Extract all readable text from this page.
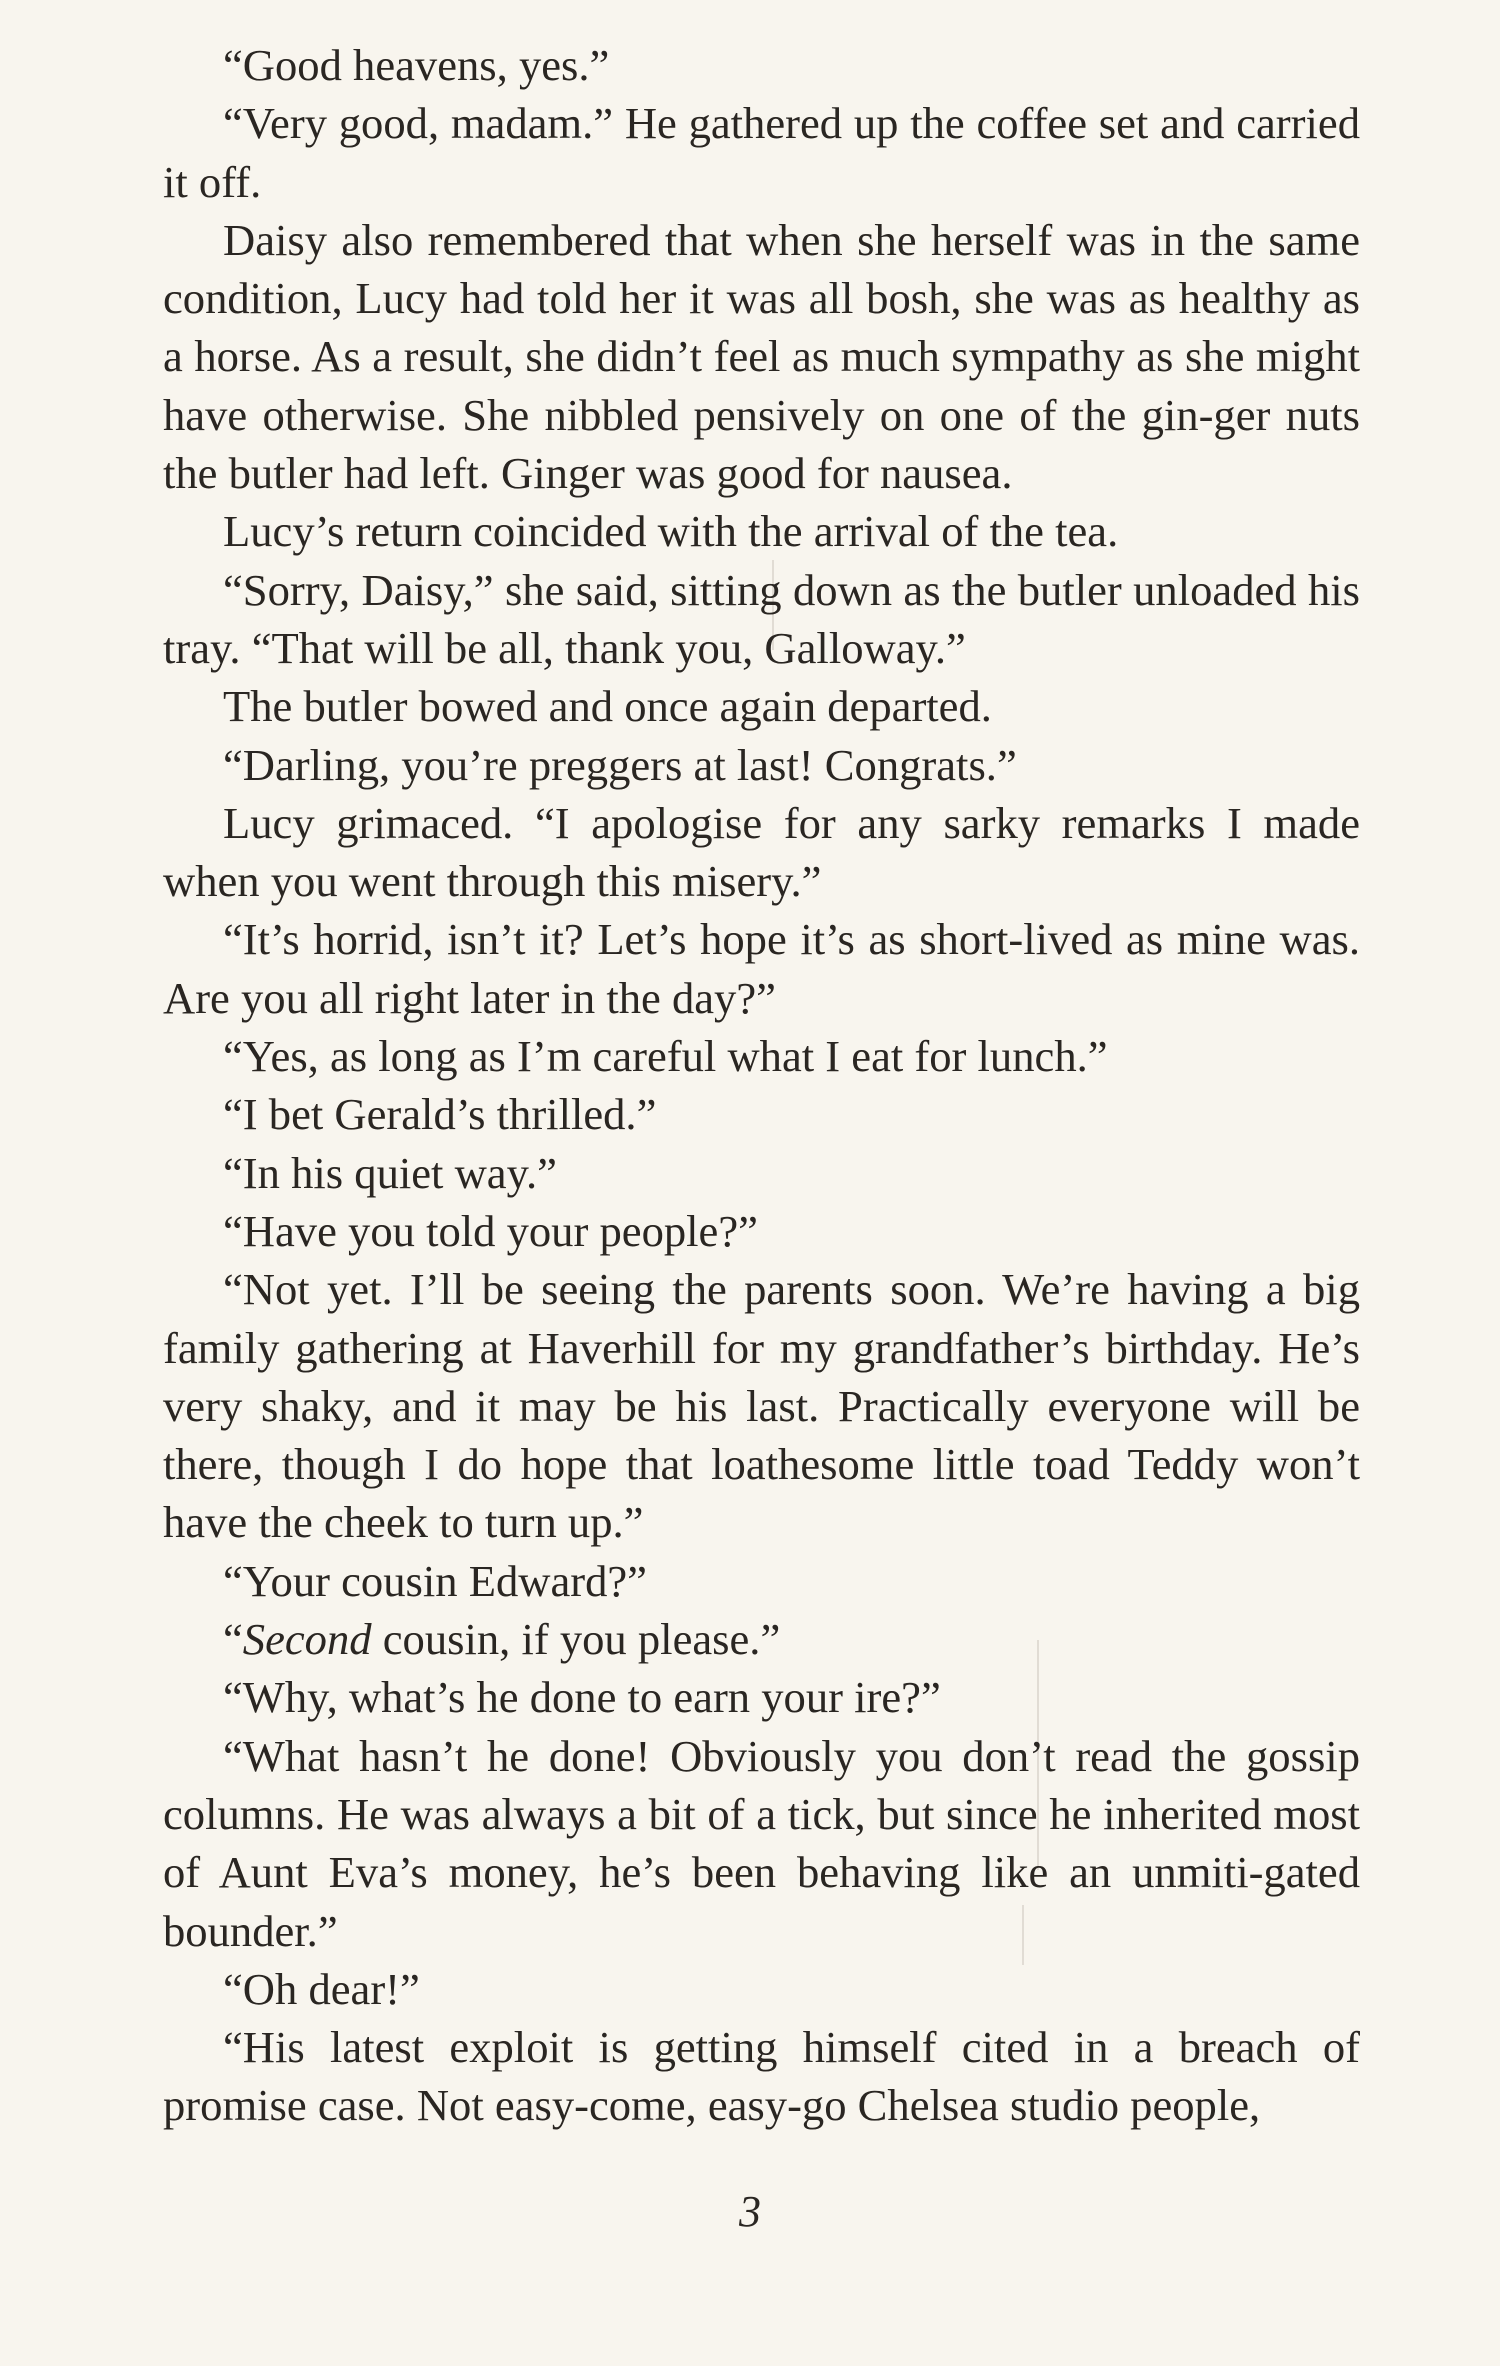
“Good heavens, yes.”

“Very good, madam.” He gathered up the coffee set and carried it off.

Daisy also remembered that when she herself was in the same condition, Lucy had told her it was all bosh, she was as healthy as a horse. As a result, she didn’t feel as much sympathy as she might have otherwise. She nibbled pensively on one of the gin-ger nuts the butler had left. Ginger was good for nausea.

Lucy’s return coincided with the arrival of the tea.

“Sorry, Daisy,” she said, sitting down as the butler unloaded his tray. “That will be all, thank you, Galloway.”

The butler bowed and once again departed.

“Darling, you’re preggers at last! Congrats.”

Lucy grimaced. “I apologise for any sarky remarks I made when you went through this misery.”

“It’s horrid, isn’t it? Let’s hope it’s as short-lived as mine was. Are you all right later in the day?”

“Yes, as long as I’m careful what I eat for lunch.”

“I bet Gerald’s thrilled.”

“In his quiet way.”

“Have you told your people?”

“Not yet. I’ll be seeing the parents soon. We’re having a big family gathering at Haverhill for my grandfather’s birthday. He’s very shaky, and it may be his last. Practically everyone will be there, though I do hope that loathesome little toad Teddy won’t have the cheek to turn up.”

“Your cousin Edward?”

“Second cousin, if you please.”

“Why, what’s he done to earn your ire?”

“What hasn’t he done! Obviously you don’t read the gossip columns. He was always a bit of a tick, but since he inherited most of Aunt Eva’s money, he’s been behaving like an unmiti-gated bounder.”

“Oh dear!”

“His latest exploit is getting himself cited in a breach of promise case. Not easy-come, easy-go Chelsea studio people,

3
